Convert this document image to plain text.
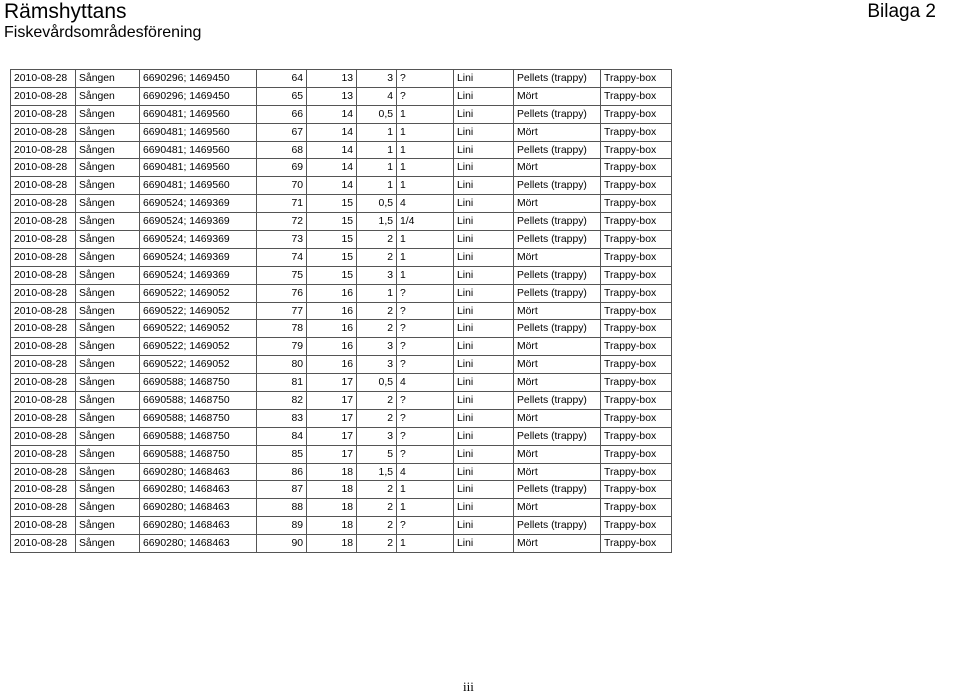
Rämshyttans
Fiskevårdsområdesförening
Bilaga 2
2010-08-28	Sången	6690296; 1469450	64	13	3	?	Lini	Pellets (trappy)	Trappy-box
2010-08-28	Sången	6690296; 1469450	65	13	4	?	Lini	Mört	Trappy-box
2010-08-28	Sången	6690481; 1469560	66	14	0,5	1	Lini	Pellets (trappy)	Trappy-box
2010-08-28	Sången	6690481; 1469560	67	14	1	1	Lini	Mört	Trappy-box
2010-08-28	Sången	6690481; 1469560	68	14	1	1	Lini	Pellets (trappy)	Trappy-box
2010-08-28	Sången	6690481; 1469560	69	14	1	1	Lini	Mört	Trappy-box
2010-08-28	Sången	6690481; 1469560	70	14	1	1	Lini	Pellets (trappy)	Trappy-box
2010-08-28	Sången	6690524; 1469369	71	15	0,5	4	Lini	Mört	Trappy-box
2010-08-28	Sången	6690524; 1469369	72	15	1,5	1/4	Lini	Pellets (trappy)	Trappy-box
2010-08-28	Sången	6690524; 1469369	73	15	2	1	Lini	Pellets (trappy)	Trappy-box
2010-08-28	Sången	6690524; 1469369	74	15	2	1	Lini	Mört	Trappy-box
2010-08-28	Sången	6690524; 1469369	75	15	3	1	Lini	Pellets (trappy)	Trappy-box
2010-08-28	Sången	6690522; 1469052	76	16	1	?	Lini	Pellets (trappy)	Trappy-box
2010-08-28	Sången	6690522; 1469052	77	16	2	?	Lini	Mört	Trappy-box
2010-08-28	Sången	6690522; 1469052	78	16	2	?	Lini	Pellets (trappy)	Trappy-box
2010-08-28	Sången	6690522; 1469052	79	16	3	?	Lini	Mört	Trappy-box
2010-08-28	Sången	6690522; 1469052	80	16	3	?	Lini	Mört	Trappy-box
2010-08-28	Sången	6690588; 1468750	81	17	0,5	4	Lini	Mört	Trappy-box
2010-08-28	Sången	6690588; 1468750	82	17	2	?	Lini	Pellets (trappy)	Trappy-box
2010-08-28	Sången	6690588; 1468750	83	17	2	?	Lini	Mört	Trappy-box
2010-08-28	Sången	6690588; 1468750	84	17	3	?	Lini	Pellets (trappy)	Trappy-box
2010-08-28	Sången	6690588; 1468750	85	17	5	?	Lini	Mört	Trappy-box
2010-08-28	Sången	6690280; 1468463	86	18	1,5	4	Lini	Mört	Trappy-box
2010-08-28	Sången	6690280; 1468463	87	18	2	1	Lini	Pellets (trappy)	Trappy-box
2010-08-28	Sången	6690280; 1468463	88	18	2	1	Lini	Mört	Trappy-box
2010-08-28	Sången	6690280; 1468463	89	18	2	?	Lini	Pellets (trappy)	Trappy-box
2010-08-28	Sången	6690280; 1468463	90	18	2	1	Lini	Mört	Trappy-box
iii
